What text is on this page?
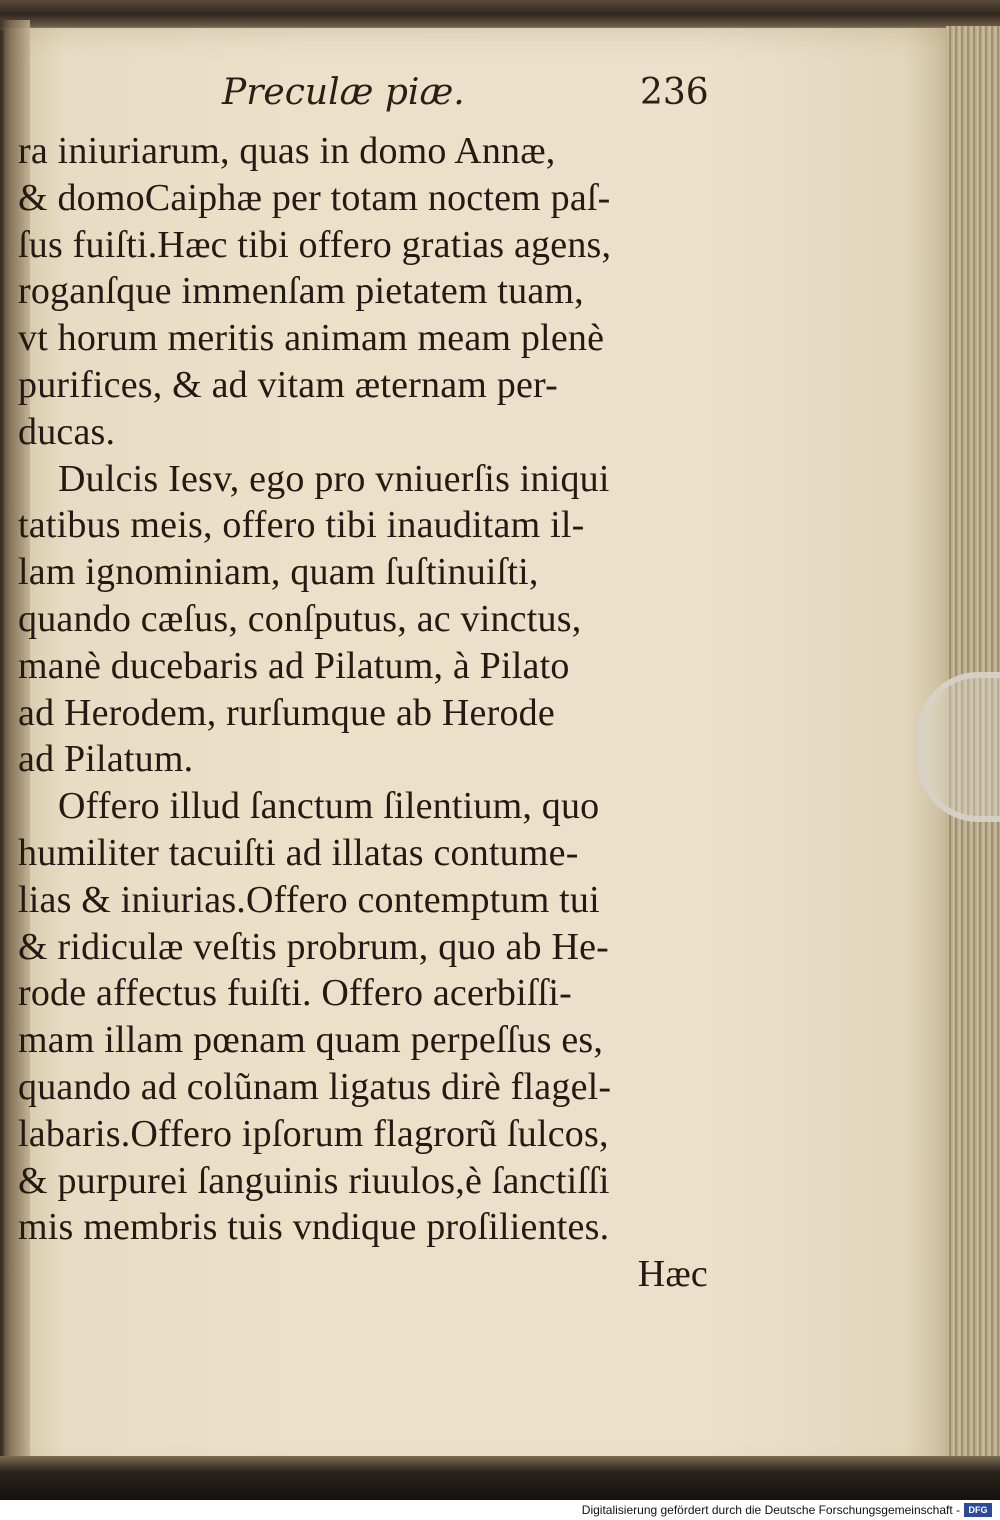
Preculæ piæ.	236
ra iniuriarum, quas in domo Annæ,
& domoCaiphæ per totam noctem paſ-
ſus fuiſti.Hæc tibi offero gratias agens,
roganſque immenſam pietatem tuam,
vt horum meritis animam meam plenè
purifices, & ad vitam æternam per-
ducas.
Dulcis Iesv, ego pro vniuerſis iniqui
tatibus meis, offero tibi inauditam il-
lam ignominiam, quam ſuſtinuiſti,
quando cæſus, conſputus, ac vinctus,
manè ducebaris ad Pilatum, à Pilato
ad Herodem, rurſumque ab Herode
ad Pilatum.
Offero illud ſanctum ſilentium, quo
humiliter tacuiſti ad illatas contume-
lias & iniurias.Offero contemptum tui
& ridiculæ veſtis probrum, quo ab He-
rode affectus fuiſti. Offero acerbiſſi-
mam illam pœnam quam perpeſſus es,
quando ad colũnam ligatus dirè flagel-
labaris.Offero ipſorum flagrorũ ſulcos,
& purpurei ſanguinis riuulos,è ſanctiſſi
mis membris tuis vndique proſilientes.
Hæc
Digitalisierung gefördert durch die Deutsche Forschungsgemeinschaft - DFG
